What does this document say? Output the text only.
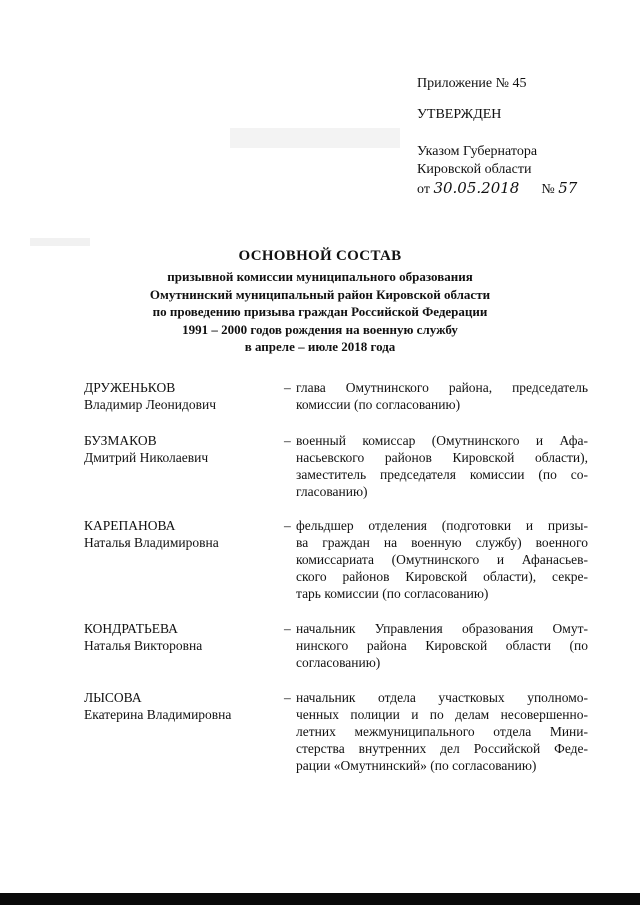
Приложение № 45
УТВЕРЖДЕН
Указом Губернатора
Кировской области
от 30.05.2018 № 57
ОСНОВНОЙ СОСТАВ
призывной комиссии муниципального образования
Омутнинский муниципальный район Кировской области
по проведению призыва граждан Российской Федерации
1991 – 2000 годов рождения на военную службу
в апреле – июле 2018 года
ДРУЖЕНЬКОВ
Владимир Леонидович
– глава Омутнинского района, председатель
комиссии (по согласованию)
БУЗМАКОВ
Дмитрий Николаевич
– военный комиссар (Омутнинского и Афа-
насьевского районов Кировской области),
заместитель председателя комиссии (по со-
гласованию)
КАРЕПАНОВА
Наталья Владимировна
– фельдшер отделения (подготовки и призы-
ва граждан на военную службу) военного
комиссариата (Омутнинского и Афанасьев-
ского районов Кировской области), секре-
тарь комиссии (по согласованию)
КОНДРАТЬЕВА
Наталья Викторовна
– начальник Управления образования Омут-
нинского района Кировской области (по
согласованию)
ЛЫСОВА
Екатерина Владимировна
– начальник отдела участковых уполномо-
ченных полиции и по делам несовершенно-
летних межмуниципального отдела Мини-
стерства внутренних дел Российской Феде-
рации «Омутнинский» (по согласованию)
